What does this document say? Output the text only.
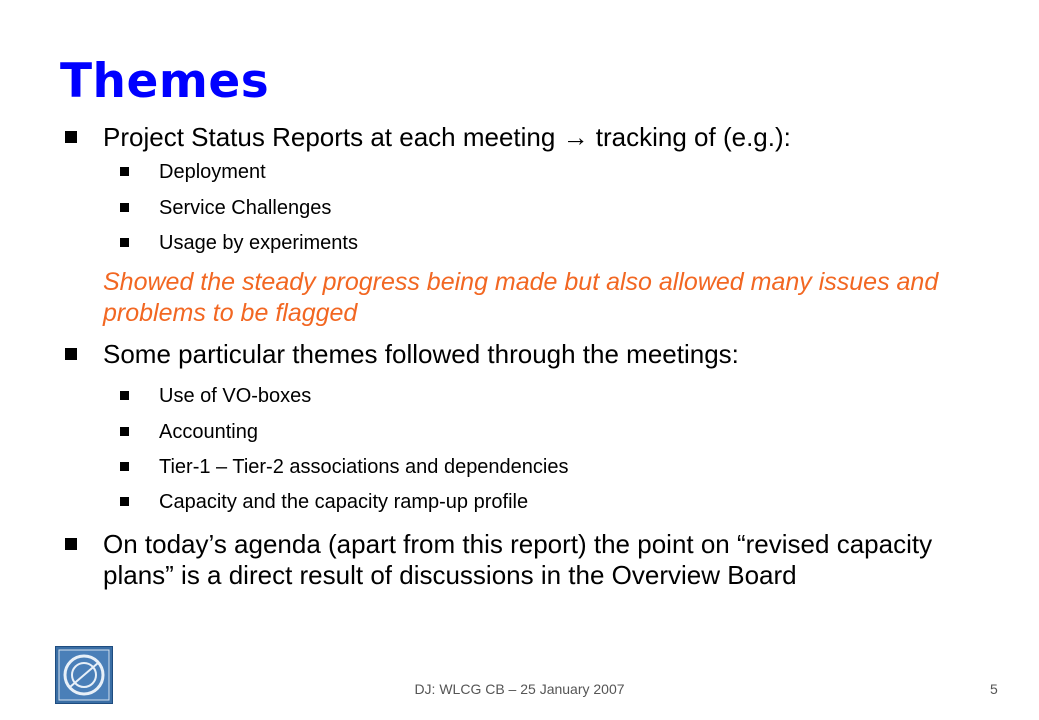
Themes
Project Status Reports at each meeting → tracking of (e.g.):
Deployment
Service Challenges
Usage by experiments

Showed the steady progress being made but also allowed many issues and problems to be flagged

Some particular themes followed through the meetings:
Use of VO-boxes
Accounting
Tier-1 – Tier-2 associations and dependencies
Capacity and the capacity ramp-up profile

On today’s agenda (apart from this report) the point on “revised capacity plans” is a direct result of discussions in the Overview Board

DJ: WLCG CB – 25 January 2007	5
